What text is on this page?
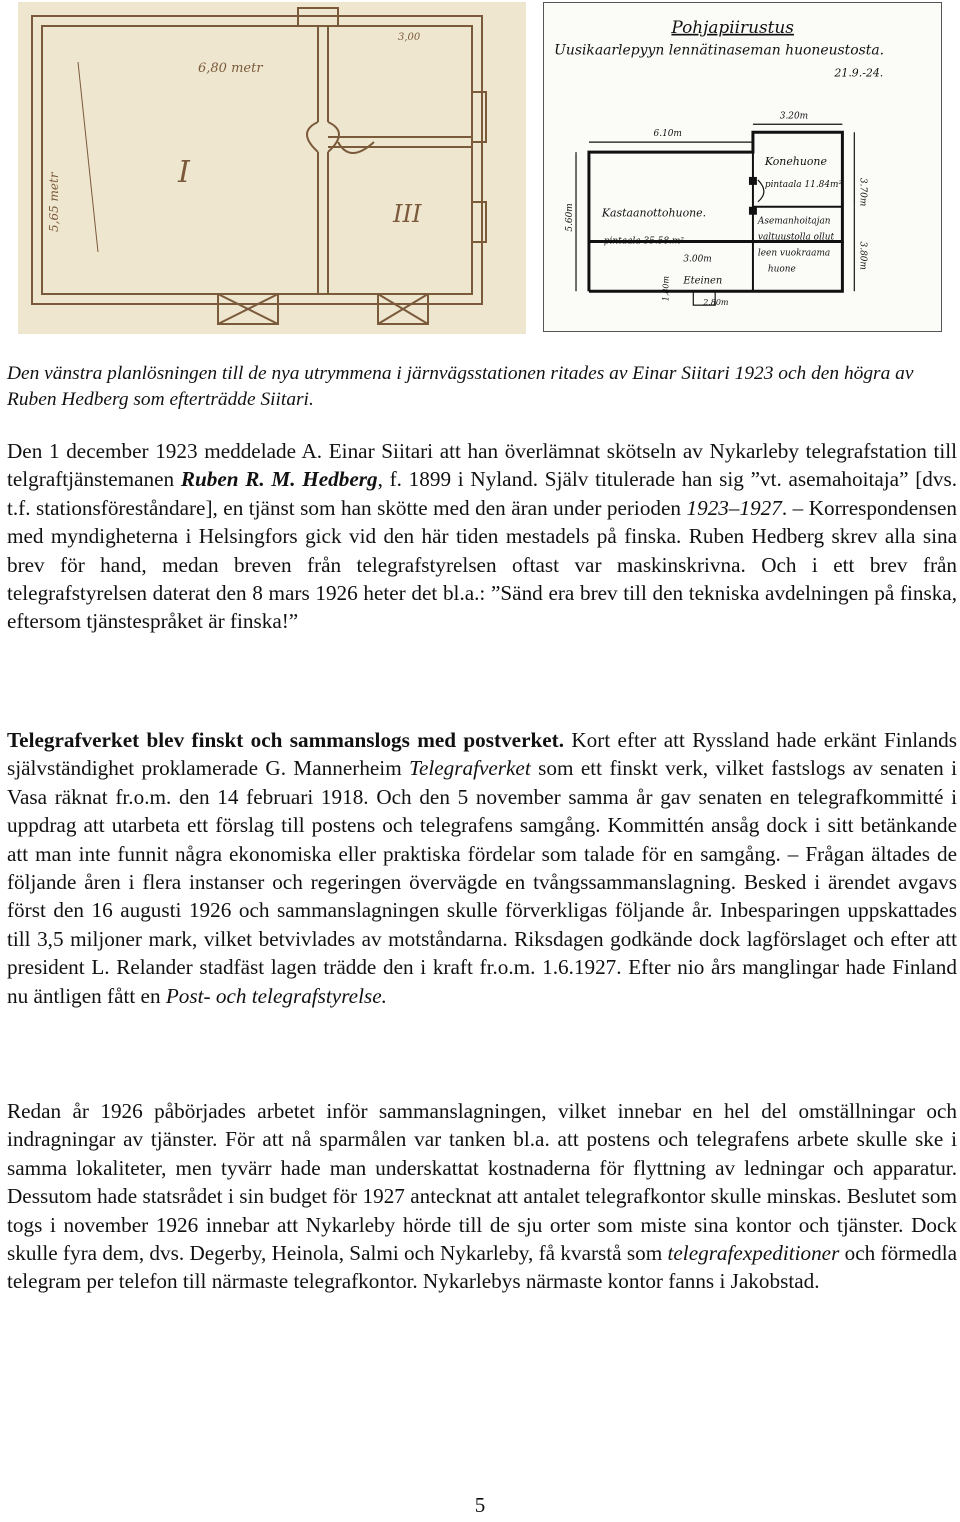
6,80 metr
3,00
I
III
5,65 metr
Pohjapiirustus
Uusikaarlepyyn lennätinaseman huoneustosta.
21.9.-24.
3.20m
6.10m
Konehuone
pintaala 11.84m²
Kastaanottohuone.
pintaala 35.58.m²
Asemanhoitajan
valtuustolla ollut
leen vuokraama
huone
3.00m
Eteinen
5.60m
3.70m
3.80m
1.80m
2.80m
Den vänstra planlösningen till de nya utrymmena i järnvägsstationen ritades av Einar Siitari 1923 och den högra av Ruben Hedberg som efterträdde Siitari.

Den 1 december 1923 meddelade A. Einar Siitari att han överlämnat skötseln av Nykarleby telegrafstation till telgraftjänstemanen Ruben R. M. Hedberg, f. 1899 i Nyland. Själv titulerade han sig ”vt. asemahoitaja” [dvs. t.f. stationsföreståndare], en tjänst som han skötte med den äran under perioden 1923–1927. – Korrespondensen med myndigheterna i Helsingfors gick vid den här tiden mestadels på finska. Ruben Hedberg skrev alla sina brev för hand, medan breven från telegrafstyrelsen oftast var maskinskrivna. Och i ett brev från telegrafstyrelsen daterat den 8 mars 1926 heter det bl.a.: ”Sänd era brev till den tekniska avdelningen på finska, eftersom tjänstespråket är finska!”

Telegrafverket blev finskt och sammanslogs med postverket. Kort efter att Ryssland hade erkänt Finlands självständighet proklamerade G. Mannerheim Telegrafverket som ett finskt verk, vilket fastslogs av senaten i Vasa räknat fr.o.m. den 14 februari 1918. Och den 5 november samma år gav senaten en telegrafkommitté i uppdrag att utarbeta ett förslag till postens och telegrafens samgång. Kommittén ansåg dock i sitt betänkande att man inte funnit några ekonomiska eller praktiska fördelar som talade för en samgång. – Frågan ältades de följande åren i flera instanser och regeringen övervägde en tvångssammanslagning. Besked i ärendet avgavs först den 16 augusti 1926 och sammanslagningen skulle förverkligas följande år. Inbesparingen uppskattades till 3,5 miljoner mark, vilket betvivlades av motståndarna. Riksdagen godkände dock lagförslaget och efter att president L. Relander stadfäst lagen trädde den i kraft fr.o.m. 1.6.1927. Efter nio års manglingar hade Finland nu äntligen fått en Post- och telegrafstyrelse.

Redan år 1926 påbörjades arbetet inför sammanslagningen, vilket innebar en hel del omställningar och indragningar av tjänster. För att nå sparmålen var tanken bl.a. att postens och telegrafens arbete skulle ske i samma lokaliteter, men tyvärr hade man underskattat kostnaderna för flyttning av ledningar och apparatur. Dessutom hade statsrådet i sin budget för 1927 antecknat att antalet telegrafkontor skulle minskas. Beslutet som togs i november 1926 innebar att Nykarleby hörde till de sju orter som miste sina kontor och tjänster. Dock skulle fyra dem, dvs. Degerby, Heinola, Salmi och Nykarleby, få kvarstå som telegrafexpeditioner och förmedla telegram per telefon till närmaste telegrafkontor. Nykarlebys närmaste kontor fanns i Jakobstad.

5
